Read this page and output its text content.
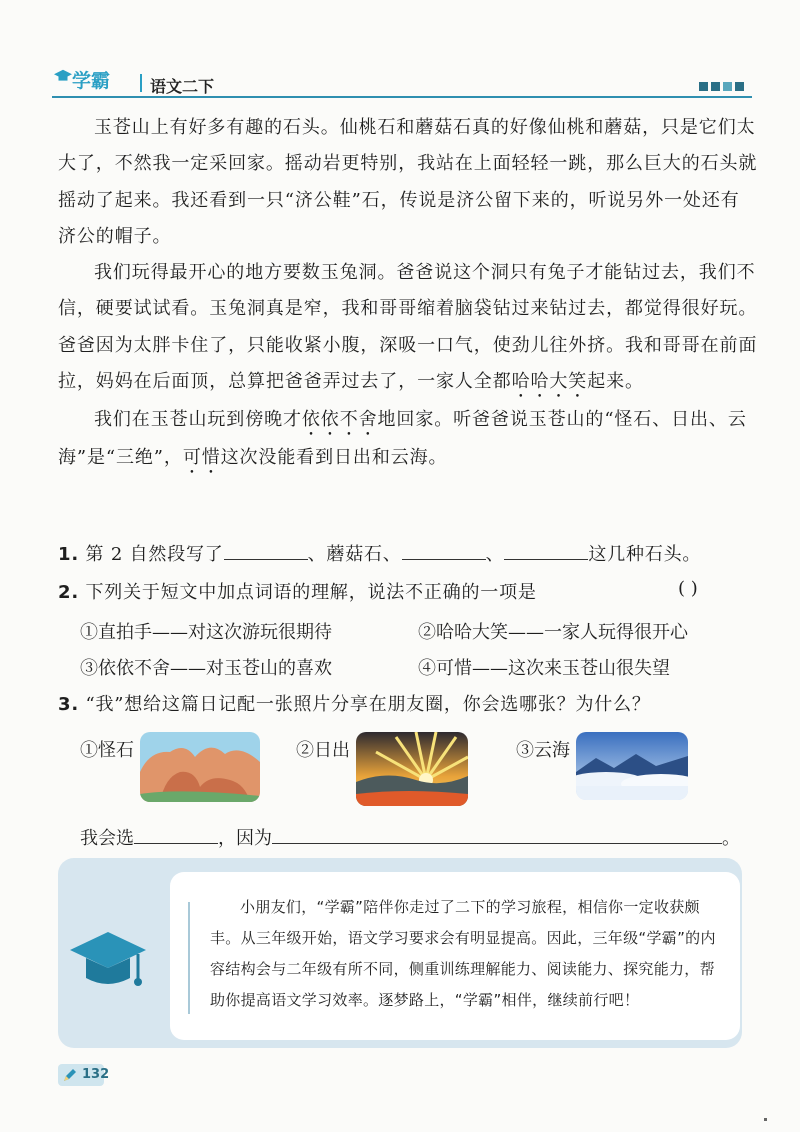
学霸	语文二下

玉苍山上有好多有趣的石头。仙桃石和蘑菇石真的好像仙桃和蘑菇，只是它们太大了，不然我一定采回家。摇动岩更特别，我站在上面轻轻一跳，那么巨大的石头就摇动了起来。我还看到一只“济公鞋”石，传说是济公留下来的，听说另外一处还有济公的帽子。

我们玩得最开心的地方要数玉兔洞。爸爸说这个洞只有兔子才能钻过去，我们不信，硬要试试看。玉兔洞真是窄，我和哥哥缩着脑袋钻过来钻过去，都觉得很好玩。爸爸因为太胖卡住了，只能收紧小腹，深吸一口气，使劲儿往外挤。我和哥哥在前面拉，妈妈在后面顶，总算把爸爸弄过去了，一家人全都哈哈大笑起来。

我们在玉苍山玩到傍晚才依依不舍地回家。听爸爸说玉苍山的“怪石、日出、云海”是“三绝”，可惜这次没能看到日出和云海。

1. 第 2 自然段写了	、蘑菇石、	、	这几种石头。
2. 下列关于短文中加点词语的理解，说法不正确的一项是	( )
①直拍手——对这次游玩很期待	②哈哈大笑——一家人玩得很开心
③依依不舍——对玉苍山的喜欢	④可惜——这次来玉苍山很失望
3. “我”想给这篇日记配一张照片分享在朋友圈，你会选哪张？为什么？
①怪石	②日出	③云海
我会选	，因为	。
小朋友们，“学霸”陪伴你走过了二下的学习旅程，相信你一定收获颇丰。从三年级开始，语文学习要求会有明显提高。因此，三年级“学霸”的内容结构会与二年级有所不同，侧重训练理解能力、阅读能力、探究能力，帮助你提高语文学习效率。逐梦路上，“学霸”相伴，继续前行吧！
132
